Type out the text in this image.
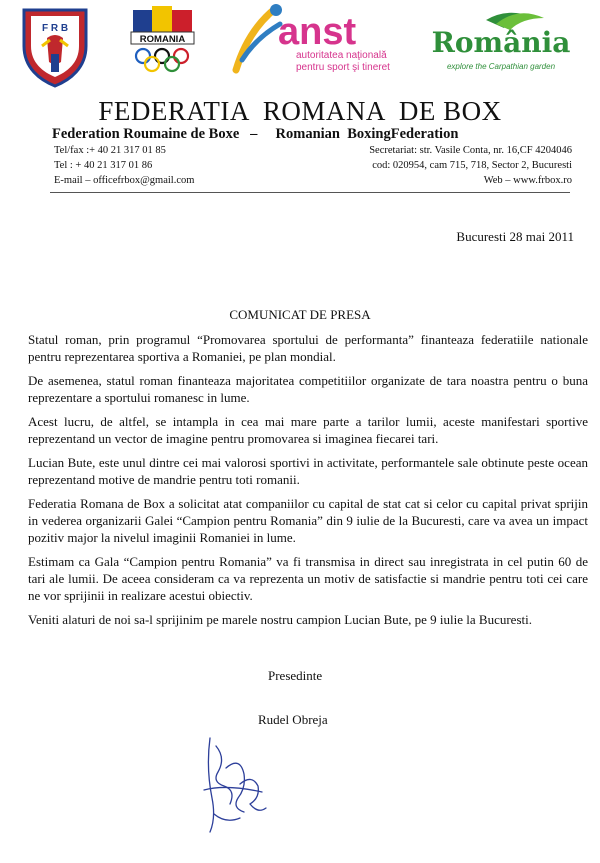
F R B
ROMANIA anst
autoritatea naţională
pentru sport şi tineret
România
explore the Carpathian garden
FEDERATIA  ROMANA  DE BOX
Federation Roumaine de Boxe   –     Romanian  BoxingFederation
Tel/fax :+ 40 21 317 01 85
Tel : + 40 21 317 01 86
E-mail – officefrbox@gmail.com
Secretariat: str. Vasile Conta, nr. 16,CF 4204046
cod: 020954, cam 715, 718, Sector 2, Bucuresti
Web – www.frbox.ro
Bucuresti 28 mai 2011
COMUNICAT DE PRESA

Statul roman, prin programul “Promovarea sportului de performanta” finanteaza federatiile nationale pentru reprezentarea sportiva a Romaniei, pe plan mondial.

De asemenea, statul roman finanteaza majoritatea competitiilor organizate de tara noastra pentru o buna reprezentare a sportului romanesc in lume.

Acest lucru, de altfel, se intampla in cea mai mare parte a tarilor lumii, aceste manifestari sportive reprezentand un vector de imagine pentru promovarea si imaginea fiecarei tari.

Lucian Bute, este unul dintre cei mai valorosi sportivi in activitate, performantele sale obtinute peste ocean reprezentand motive de mandrie pentru toti romanii.

Federatia Romana de Box a solicitat atat companiilor cu capital de stat cat si celor cu capital privat sprijin in vederea organizarii Galei “Campion pentru Romania” din 9 iulie de la Bucuresti, care va avea un impact pozitiv major la nivelul imaginii Romaniei in lume.

Estimam ca Gala “Campion pentru Romania” va fi transmisa in direct sau inregistrata in cel putin 60 de tari ale lumii. De aceea consideram ca va reprezenta un motiv de satisfactie si mandrie pentru toti cei care ne vor sprijinii in realizare acestui obiectiv.

Veniti alaturi de noi sa-l sprijinim pe marele nostru campion Lucian Bute, pe 9 iulie la Bucuresti.

Presedinte
Rudel Obreja
